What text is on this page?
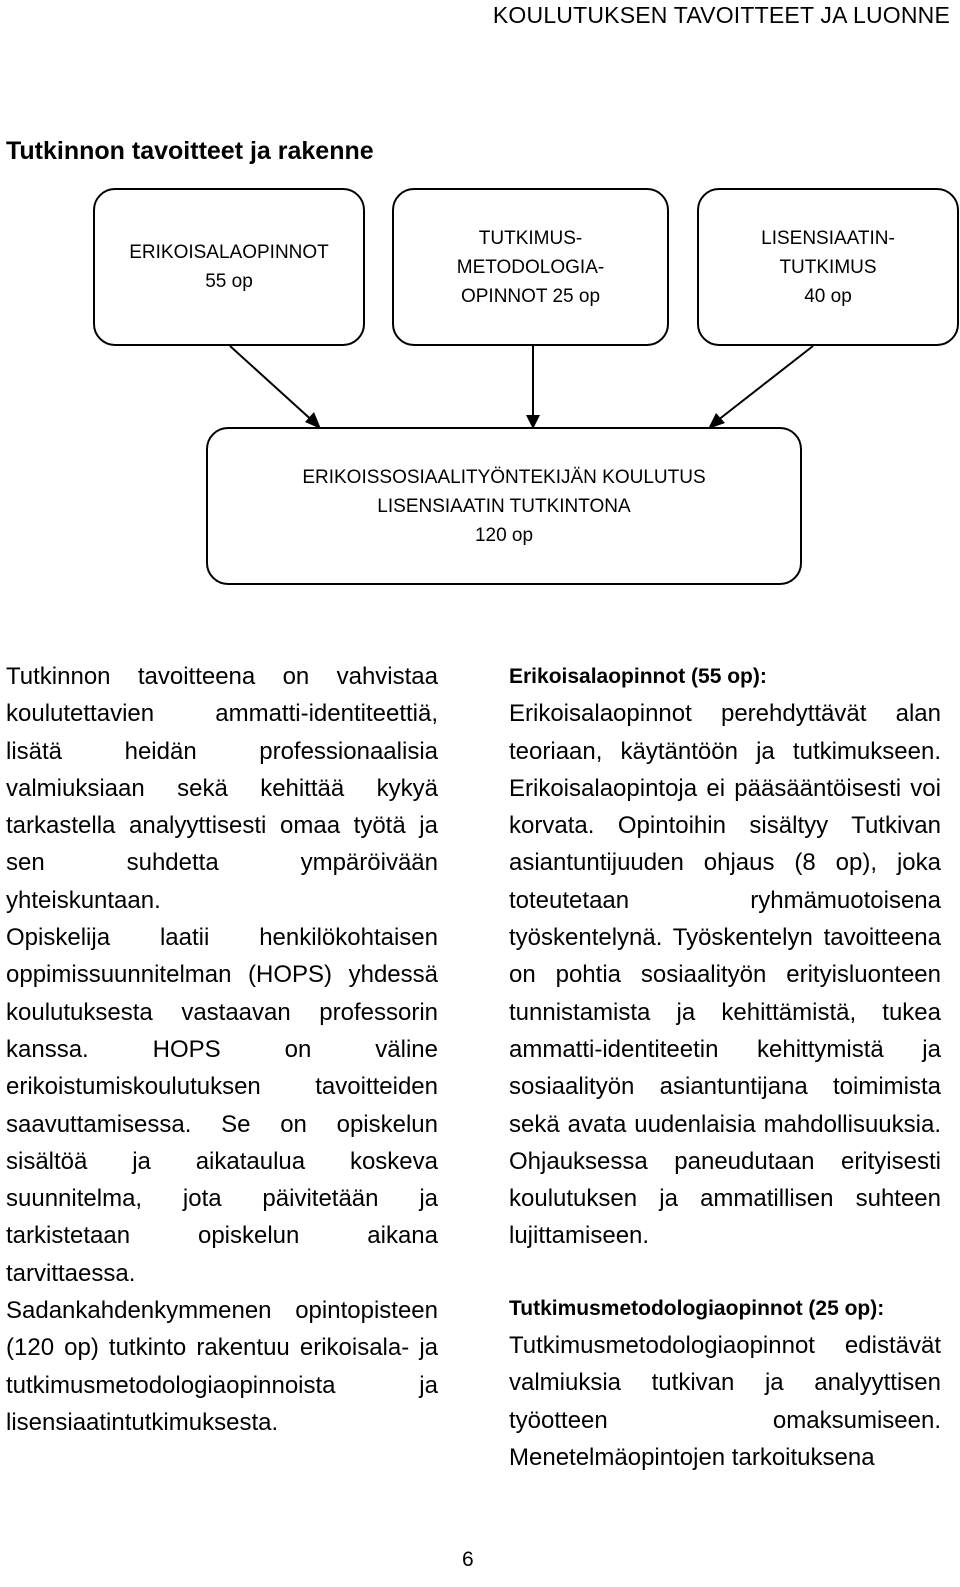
KOULUTUKSEN TAVOITTEET JA LUONNE
Tutkinnon tavoitteet ja rakenne
ERIKOISALAOPINNOT
55 op
TUTKIMUS-
METODOLOGIA-
OPINNOT 25 op
LISENSIAATIN-
TUTKIMUS
40 op
ERIKOISSOSIAALITYÖNTEKIJÄN KOULUTUS
LISENSIAATIN TUTKINTONA
120 op

Tutkinnon tavoitteena on vahvistaa koulutettavien ammatti-identiteettiä, lisätä heidän professionaalisia valmiuksiaan sekä kehittää kykyä tarkastella analyyttisesti omaa työtä ja sen suhdetta ympäröivään yhteiskuntaan.

Opiskelija laatii henkilökohtaisen oppimissuunnitelman (HOPS) yhdessä koulutuksesta vastaavan professorin kanssa. HOPS on väline erikoistumiskoulutuksen tavoitteiden saavuttamisessa. Se on opiskelun sisältöä ja aikataulua koskeva suunnitelma, jota päivitetään ja tarkistetaan opiskelun aikana tarvittaessa.

Sadankahdenkymmenen opintopisteen (120 op) tutkinto rakentuu erikoisala- ja tutkimusmetodologiaopinnoista ja lisensiaatintutkimuksesta.

Erikoisalaopinnot (55 op):

Erikoisalaopinnot perehdyttävät alan teoriaan, käytäntöön ja tutkimukseen. Erikoisalaopintoja ei pääsääntöisesti voi korvata. Opintoihin sisältyy Tutkivan asiantuntijuuden ohjaus (8 op), joka toteutetaan ryhmämuotoisena työskentelynä. Työskentelyn tavoitteena on pohtia sosiaalityön erityisluonteen tunnistamista ja kehittämistä, tukea ammatti-identiteetin kehittymistä ja sosiaalityön asiantuntijana toimimista sekä avata uudenlaisia mahdollisuuksia. Ohjauksessa paneudutaan erityisesti koulutuksen ja ammatillisen suhteen lujittamiseen.

Tutkimusmetodologiaopinnot (25 op):

Tutkimusmetodologiaopinnot edistävät valmiuksia tutkivan ja analyyttisen työotteen omaksumiseen. Menetelmäopintojen tarkoituksena

6
